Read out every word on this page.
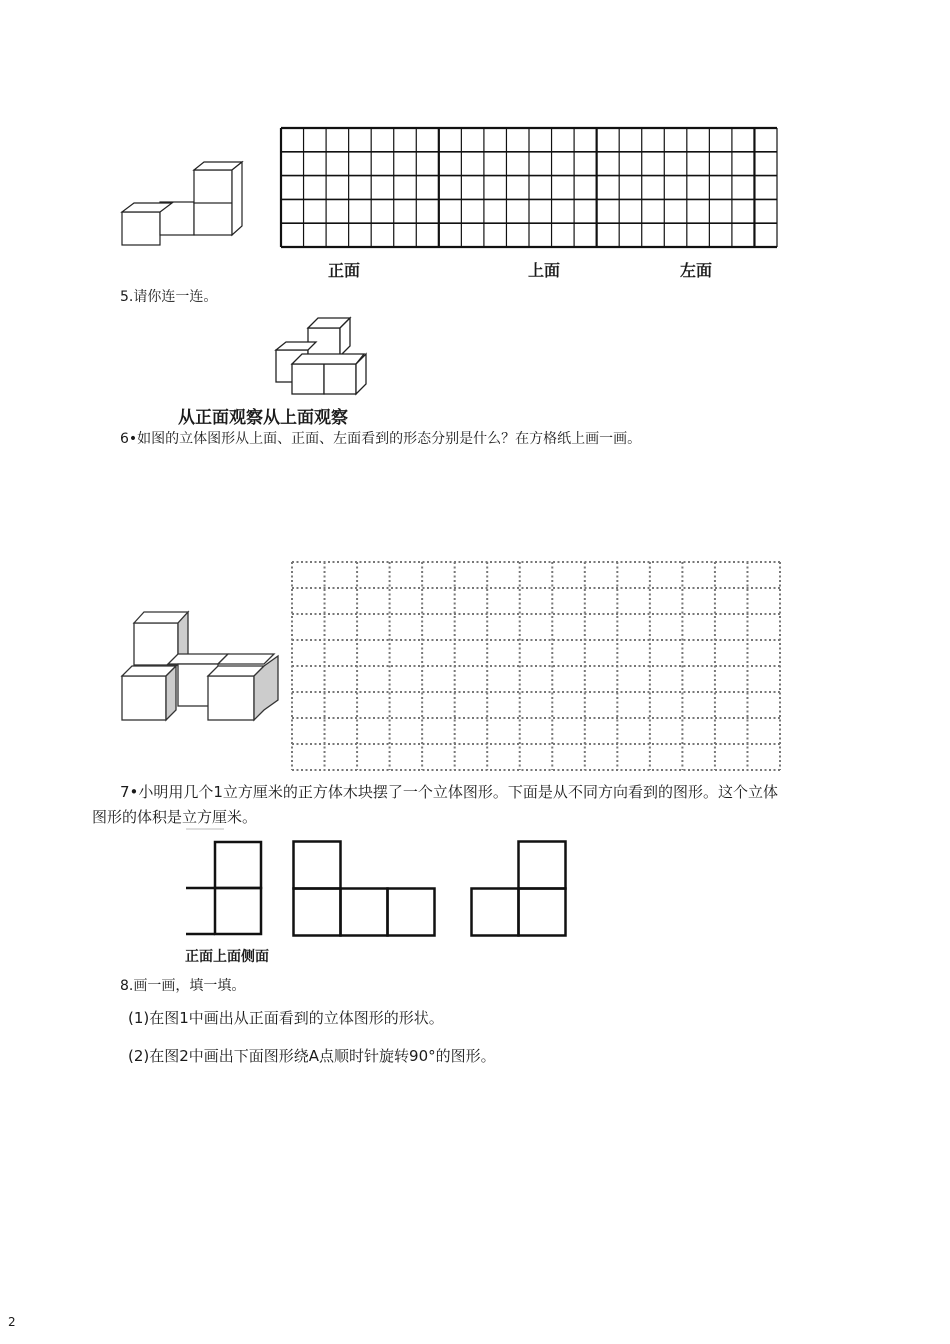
正面	上面	左面
5.请你连一连。
从正面观察从上面观察
6•如图的立体图形从上面、正面、左面看到的形态分别是什么？在方格纸上画一画。
7•小明用几个1立方厘米的正方体木块摆了一个立体图形。下面是从不同方向看到的图形。这个立体
图形的体积是立方厘米。
正面上面侧面
8.画一画，填一填。
(1)在图1中画出从正面看到的立体图形的形状。
(2)在图2中画出下面图形绕A点顺时针旋转90°的图形。
2
